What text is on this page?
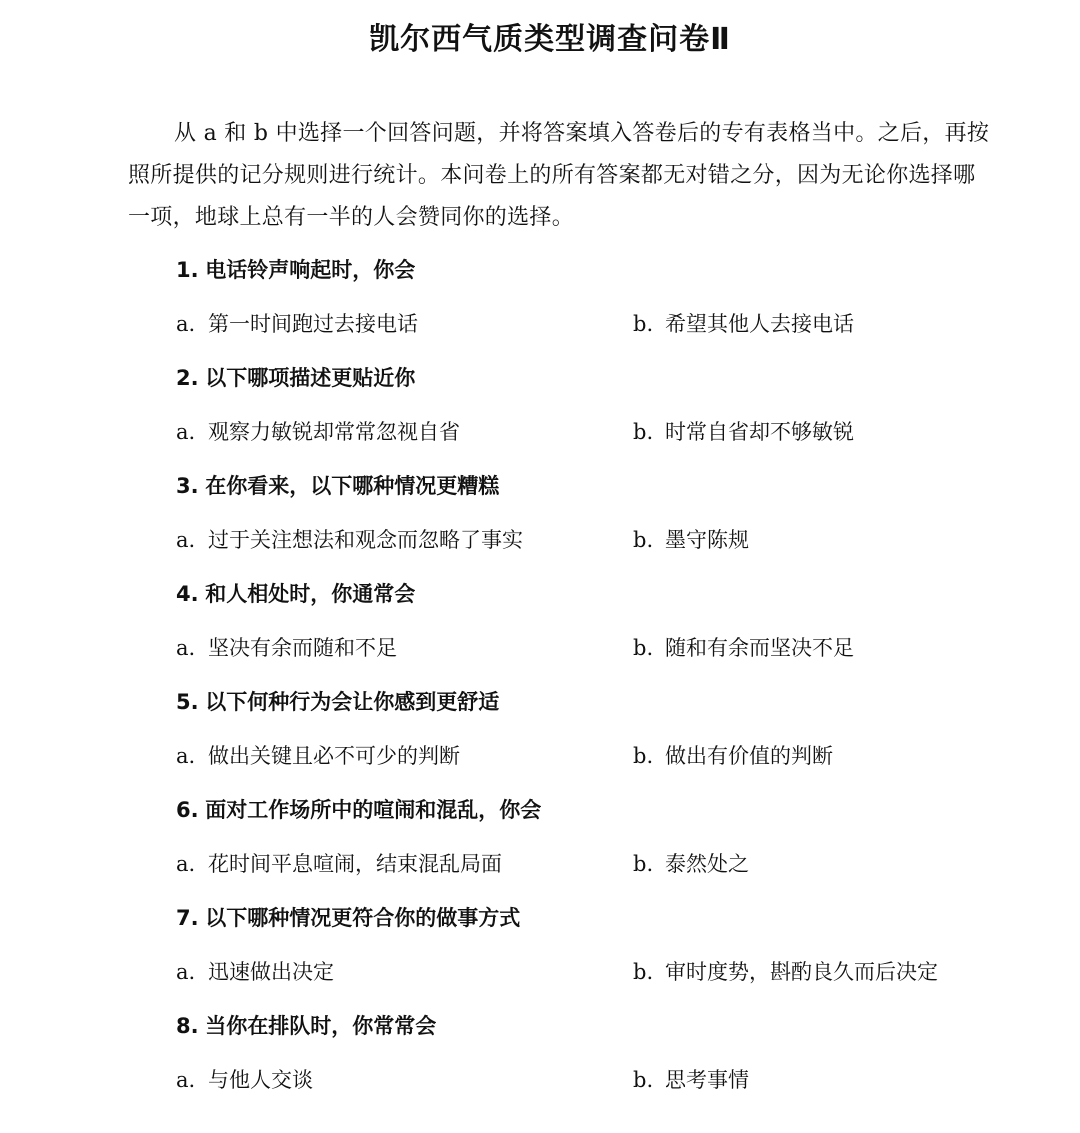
凯尔西气质类型调查问卷Ⅱ
从 a 和 b 中选择一个回答问题，并将答案填入答卷后的专有表格当中。之后，再按照所提供的记分规则进行统计。本问卷上的所有答案都无对错之分，因为无论你选择哪一项，地球上总有一半的人会赞同你的选择。
1. 电话铃声响起时，你会
a. 第一时间跑过去接电话	b. 希望其他人去接电话
2. 以下哪项描述更贴近你
a. 观察力敏锐却常常忽视自省	b. 时常自省却不够敏锐
3. 在你看来，以下哪种情况更糟糕
a. 过于关注想法和观念而忽略了事实	b. 墨守陈规
4. 和人相处时，你通常会
a. 坚决有余而随和不足	b. 随和有余而坚决不足
5. 以下何种行为会让你感到更舒适
a. 做出关键且必不可少的判断	b. 做出有价值的判断
6. 面对工作场所中的喧闹和混乱，你会
a. 花时间平息喧闹，结束混乱局面	b. 泰然处之
7. 以下哪种情况更符合你的做事方式
a. 迅速做出决定	b. 审时度势，斟酌良久而后决定
8. 当你在排队时，你常常会
a. 与他人交谈	b. 思考事情
